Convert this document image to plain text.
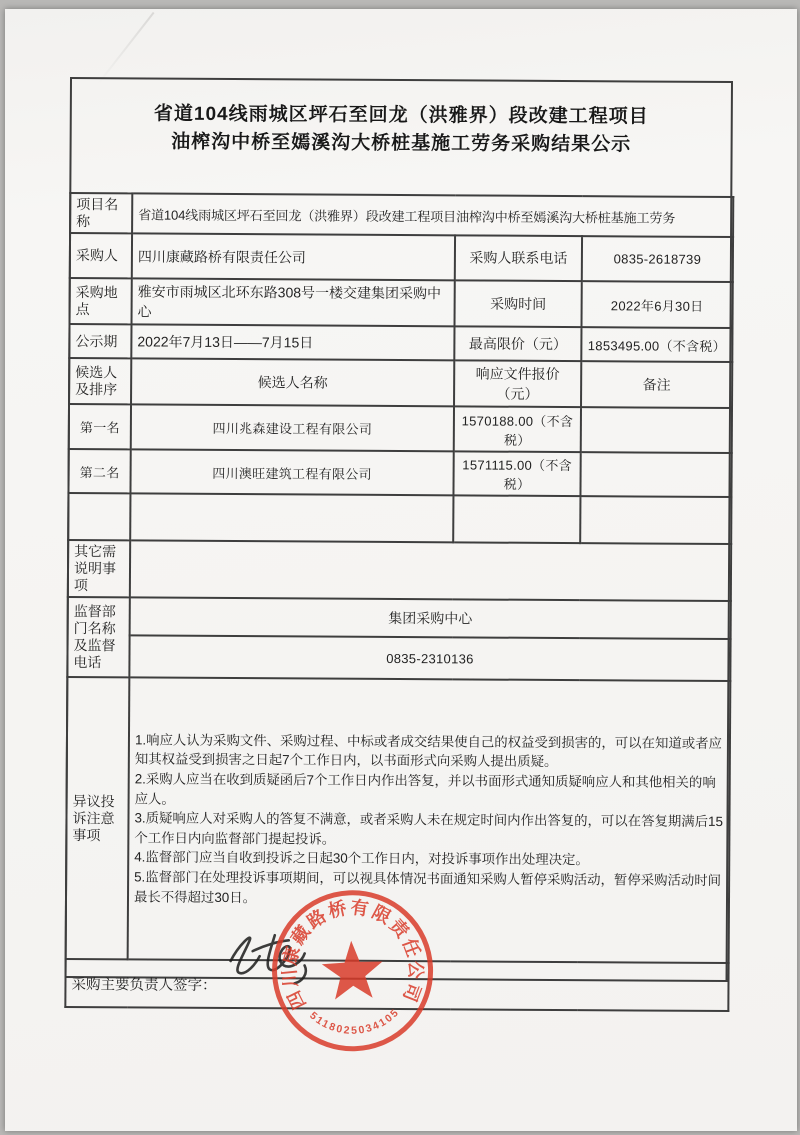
省道104线雨城区坪石至回龙（洪雅界）段改建工程项目
油榨沟中桥至嫣溪沟大桥桩基施工劳务采购结果公示
项目名称	省道104线雨城区坪石至回龙（洪雅界）段改建工程项目油榨沟中桥至嫣溪沟大桥桩基施工劳务		
采购人	四川康藏路桥有限责任公司	采购人联系电话	0835-2618739
采购地点	雅安市雨城区北环东路308号一楼交建集团采购中心	采购时间	2022年6月30日
公示期	2022年7月13日——7月15日	最高限价（元）	1853495.00（不含税）
候选人及排序	候选人名称	响应文件报价（元）	备注
第一名	四川兆森建设工程有限公司	1570188.00（不含税）	
第二名	四川澳旺建筑工程有限公司	1571115.00（不含税）	

其它需说明事项			
监督部门名称及监督电话	集团采购中心		
	0835-2310136		
异议投诉注意事项	1.响应人认为采购文件、采购过程、中标或者成交结果使自己的权益受到损害的，可以在知道或者应知其权益受到损害之日起7个工作日内，以书面形式向采购人提出质疑。
2.采购人应当在收到质疑函后7个工作日内作出答复，并以书面形式通知质疑响应人和其他相关的响应人。
3.质疑响应人对采购人的答复不满意，或者采购人未在规定时间内作出答复的，可以在答复期满后15个工作日内向监督部门提起投诉。
4.监督部门应当自收到投诉之日起30个工作日内，对投诉事项作出处理决定。
5.监督部门在处理投诉事项期间，可以视具体情况书面通知采购人暂停采购活动，暂停采购活动时间最长不得超过30日。		

采购主要负责人签字：			
四川康藏路桥有限责任公司
5118025034105
